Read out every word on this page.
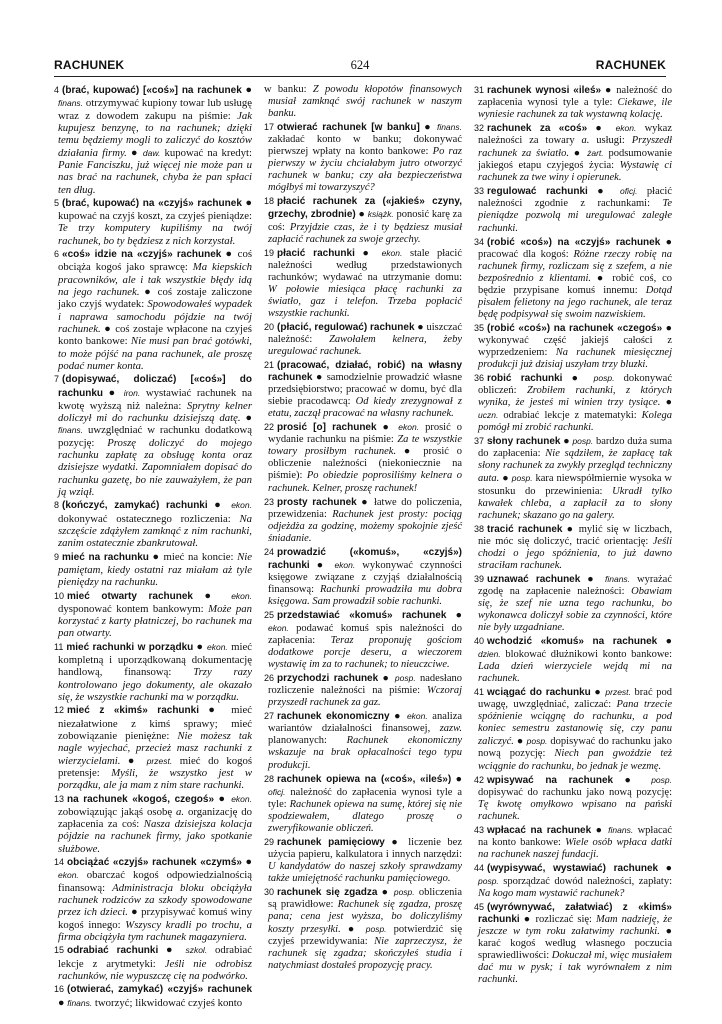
RACHUNEK	624	RACHUNEK

4 (brać, kupować) [«coś»] na rachunek ● finans. otrzymywać kupiony towar lub usługę wraz z dowodem zakupu na piśmie: Jak kupujesz benzynę, to na rachunek; dzięki temu będziemy mogli to zaliczyć do kosztów działania firmy. ● daw. kupować na kredyt: Panie Fanciszku, już więcej nie może pan u nas brać na rachunek, chyba że pan spłaci ten dług.

5 (brać, kupować) na «czyjś» rachunek ● kupować na czyjś koszt, za czyjeś pieniądze: Te trzy komputery kupiliśmy na twój rachunek, bo ty będziesz z nich korzystał.

6 «coś» idzie na «czyjś» rachunek ● coś obciąża kogoś jako sprawcę: Ma kiepskich pracowników, ale i tak wszystkie błędy idą na jego rachunek. ● coś zostaje zaliczone jako czyjś wydatek: Spowodowałeś wypadek i naprawa samochodu pójdzie na twój rachunek. ● coś zostaje wpłacone na czyjeś konto bankowe: Nie musi pan brać gotówki, to może pójść na pana rachunek, ale proszę podać numer konta.

7 (dopisywać, doliczać) [«coś»] do rachunku ● iron. wystawiać rachunek na kwotę wyższą niż należna: Sprytny kelner doliczył mi do rachunku dzisiejszą datę. ● finans. uwzględniać w rachunku dodatkową pozycję: Proszę doliczyć do mojego rachunku zapłatę za obsługę konta oraz dzisiejsze wydatki. Zapomniałem dopisać do rachunku gazetę, bo nie zauważyłem, że pan ją wziął.

8 (kończyć, zamykać) rachunki ● ekon. dokonywać ostatecznego rozliczenia: Na szczęście zdążyłem zamknąć z nim rachunki, zanim ostatecznie zbankrutował.

9 mieć na rachunku ● mieć na koncie: Nie pamiętam, kiedy ostatni raz miałam aż tyle pieniędzy na rachunku.

10 mieć otwarty rachunek ● ekon. dysponować kontem bankowym: Może pan korzystać z karty płatniczej, bo rachunek ma pan otwarty.

11 mieć rachunki w porządku ● ekon. mieć kompletną i uporządkowaną dokumentację handlową, finansową: Trzy razy kontrolowano jego dokumenty, ale okazało się, że wszystkie rachunki ma w porządku.

12 mieć z «kimś» rachunki ● mieć niezałatwione z kimś sprawy; mieć zobowiązanie pieniężne: Nie możesz tak nagle wyjechać, przecież masz rachunki z wierzycielami. ● przest. mieć do kogoś pretensje: Myśli, że wszystko jest w porządku, ale ja mam z nim stare rachunki.

13 na rachunek «kogoś, czegoś» ● ekon. zobowiązując jakąś osobę a. organizację do zapłacenia za coś: Nasza dzisiejsza kolacja pójdzie na rachunek firmy, jako spotkanie służbowe.

14 obciążać «czyjś» rachunek «czymś» ● ekon. obarczać kogoś odpowiedzialnością finansową: Administracja bloku obciążyła rachunek rodziców za szkody spowodowane przez ich dzieci. ● przypisywać komuś winy kogoś innego: Wszyscy kradli po trochu, a firma obciążyła tym rachunek magazyniera.

15 odrabiać rachunki ● szkol. odrabiać lekcje z arytmetyki: Jeśli nie odrobisz rachunków, nie wypuszczę cię na podwórko.

16 (otwierać, zamykać) «czyjś» rachunek ● finans. tworzyć; likwidować czyjeś konto

w banku: Z powodu kłopotów finansowych musiał zamknąć swój rachunek w naszym banku.

17 otwierać rachunek [w banku] ● finans. zakładać konto w banku; dokonywać pierwszej wpłaty na konto bankowe: Po raz pierwszy w życiu chciałabym jutro otworzyć rachunek w banku; czy ała bezpieczeństwa mógłbyś mi towarzyszyć?

18 płacić rachunek za («jakieś» czyny, grzechy, zbrodnie) ● książk. ponosić karę za coś: Przyjdzie czas, że i ty będziesz musiał zapłacić rachunek za swoje grzechy.

19 płacić rachunki ● ekon. stale płacić należności według przedstawionych rachunków; wydawać na utrzymanie domu: W połowie miesiąca płacę rachunki za światło, gaz i telefon. Trzeba popłacić wszystkie rachunki.

20 (płacić, regulować) rachunek ● uiszczać należność: Zawołałem kelnera, żeby uregulować rachunek.

21 (pracować, działać, robić) na własny rachunek ● samodzielnie prowadzić własne przedsiębiorstwo; pracować w domu, być dla siebie pracodawcą: Od kiedy zrezygnował z etatu, zaczął pracować na własny rachunek.

22 prosić [o] rachunek ● ekon. prosić o wydanie rachunku na piśmie: Za te wszystkie towary prosiłbym rachunek. ● prosić o obliczenie należności (niekoniecznie na piśmie): Po obiedzie poprosiliśmy kelnera o rachunek. Kelner, proszę rachunek!

23 prosty rachunek ● łatwe do policzenia, przewidzenia: Rachunek jest prosty: pociąg odjeżdża za godzinę, możemy spokojnie zjeść śniadanie.

24 prowadzić («komuś», «czyjś») rachunki ● ekon. wykonywać czynności księgowe związane z czyjąś działalnością finansową: Rachunki prowadziła mu dobra księgowa. Sam prowadził sobie rachunki.

25 przedstawiać «komuś» rachunek ● ekon. podawać komuś spis należności do zapłacenia: Teraz proponuję gościom dodatkowe porcje deseru, a wieczorem wystawię im za to rachunek; to nieuczciwe.

26 przychodzi rachunek ● posp. nadesłano rozliczenie należności na piśmie: Wczoraj przyszedł rachunek za gaz.

27 rachunek ekonomiczny ● ekon. analiza wariantów działalności finansowej, zazw. planowanych: Rachunek ekonomiczny wskazuje na brak opłacalności tego typu produkcji.

28 rachunek opiewa na («coś», «ileś») ● oficj. należność do zapłacenia wynosi tyle a tyle: Rachunek opiewa na sumę, której się nie spodziewałem, dlatego proszę o zweryfikowanie obliczeń.

29 rachunek pamięciowy ● liczenie bez użycia papieru, kalkulatora i innych narzędzi: U kandydatów do naszej szkoły sprawdzamy także umiejętność rachunku pamięciowego.

30 rachunek się zgadza ● posp. obliczenia są prawidłowe: Rachunek się zgadza, proszę pana; cena jest wyższa, bo doliczyliśmy koszty przesyłki. ● posp. potwierdzić się czyjeś przewidywania: Nie zaprzeczysz, że rachunek się zgadza; skończyłeś studia i natychmiast dostałeś propozycję pracy.

31 rachunek wynosi «ileś» ● należność do zapłacenia wynosi tyle a tyle: Ciekawe, ile wyniesie rachunek za tak wystawną kolację.

32 rachunek za «coś» ● ekon. wykaz należności za towary a. usługi: Przyszedł rachunek za światło. ● żart. podsumowanie jakiegoś etapu czyjegoś życia: Wystawię ci rachunek za twe winy i opierunek.

33 regulować rachunki ● oficj. płacić należności zgodnie z rachunkami: Te pieniądze pozwolą mi uregulować zaległe rachunki.

34 (robić «coś») na «czyjś» rachunek ● pracować dla kogoś: Różne rzeczy robię na rachunek firmy, rozliczam się z szefem, a nie bezpośrednio z klientami. ● robić coś, co będzie przypisane komuś innemu: Dotąd pisałem felietony na jego rachunek, ale teraz będę podpisywał się swoim nazwiskiem.

35 (robić «coś») na rachunek «czegoś» ● wykonywać część jakiejś całości z wyprzedzeniem: Na rachunek miesięcznej produkcji już dzisiaj uszyłam trzy bluzki.

36 robić rachunki ● posp. dokonywać obliczeń: Zrobiłem rachunki, z których wynika, że jesteś mi winien trzy tysiące. ● uczn. odrabiać lekcje z matematyki: Kolega pomógł mi zrobić rachunki.

37 słony rachunek ● posp. bardzo duża suma do zapłacenia: Nie sądziłem, że zapłacę tak słony rachunek za zwykły przegląd techniczny auta. ● posp. kara niewspółmiernie wysoka w stosunku do przewinienia: Ukradł tylko kawałek chleba, a zapłacił za to słony rachunek; skazano go na galery.

38 tracić rachunek ● mylić się w liczbach, nie móc się doliczyć, tracić orientację: Jeśli chodzi o jego spóźnienia, to już dawno straciłam rachunek.

39 uznawać rachunek ● finans. wyrażać zgodę na zapłacenie należności: Obawiam się, że szef nie uzna tego rachunku, bo wykonawca doliczył sobie za czynności, które nie były uzgadniane.

40 wchodzić «komuś» na rachunek ● dzien. blokować dłużnikowi konto bankowe: Lada dzień wierzyciele wejdą mi na rachunek.

41 wciągać do rachunku ● przest. brać pod uwagę, uwzględniać, zaliczać: Pana trzecie spóźnienie wciągnę do rachunku, a pod koniec semestru zastanowię się, czy panu zaliczyć. ● posp. dopisywać do rachunku jako nową pozycję: Niech pan gwoździe też wciągnie do rachunku, bo jednak je wezmę.

42 wpisywać na rachunek ● posp. dopisywać do rachunku jako nową pozycję: Tę kwotę omyłkowo wpisano na pański rachunek.

43 wpłacać na rachunek ● finans. wpłacać na konto bankowe: Wiele osób wpłaca datki na rachunek naszej fundacji.

44 (wypisywać, wystawiać) rachunek ● posp. sporządzać dowód należności, zapłaty: Na kogo mam wystawić rachunek?

45 (wyrównywać, załatwiać) z «kimś» rachunki ● rozliczać się: Mam nadzieję, że jeszcze w tym roku załatwimy rachunki. ● karać kogoś według własnego poczucia sprawiedliwości: Dokuczał mi, więc musiałem dać mu w pysk; i tak wyrównałem z nim rachunki.
